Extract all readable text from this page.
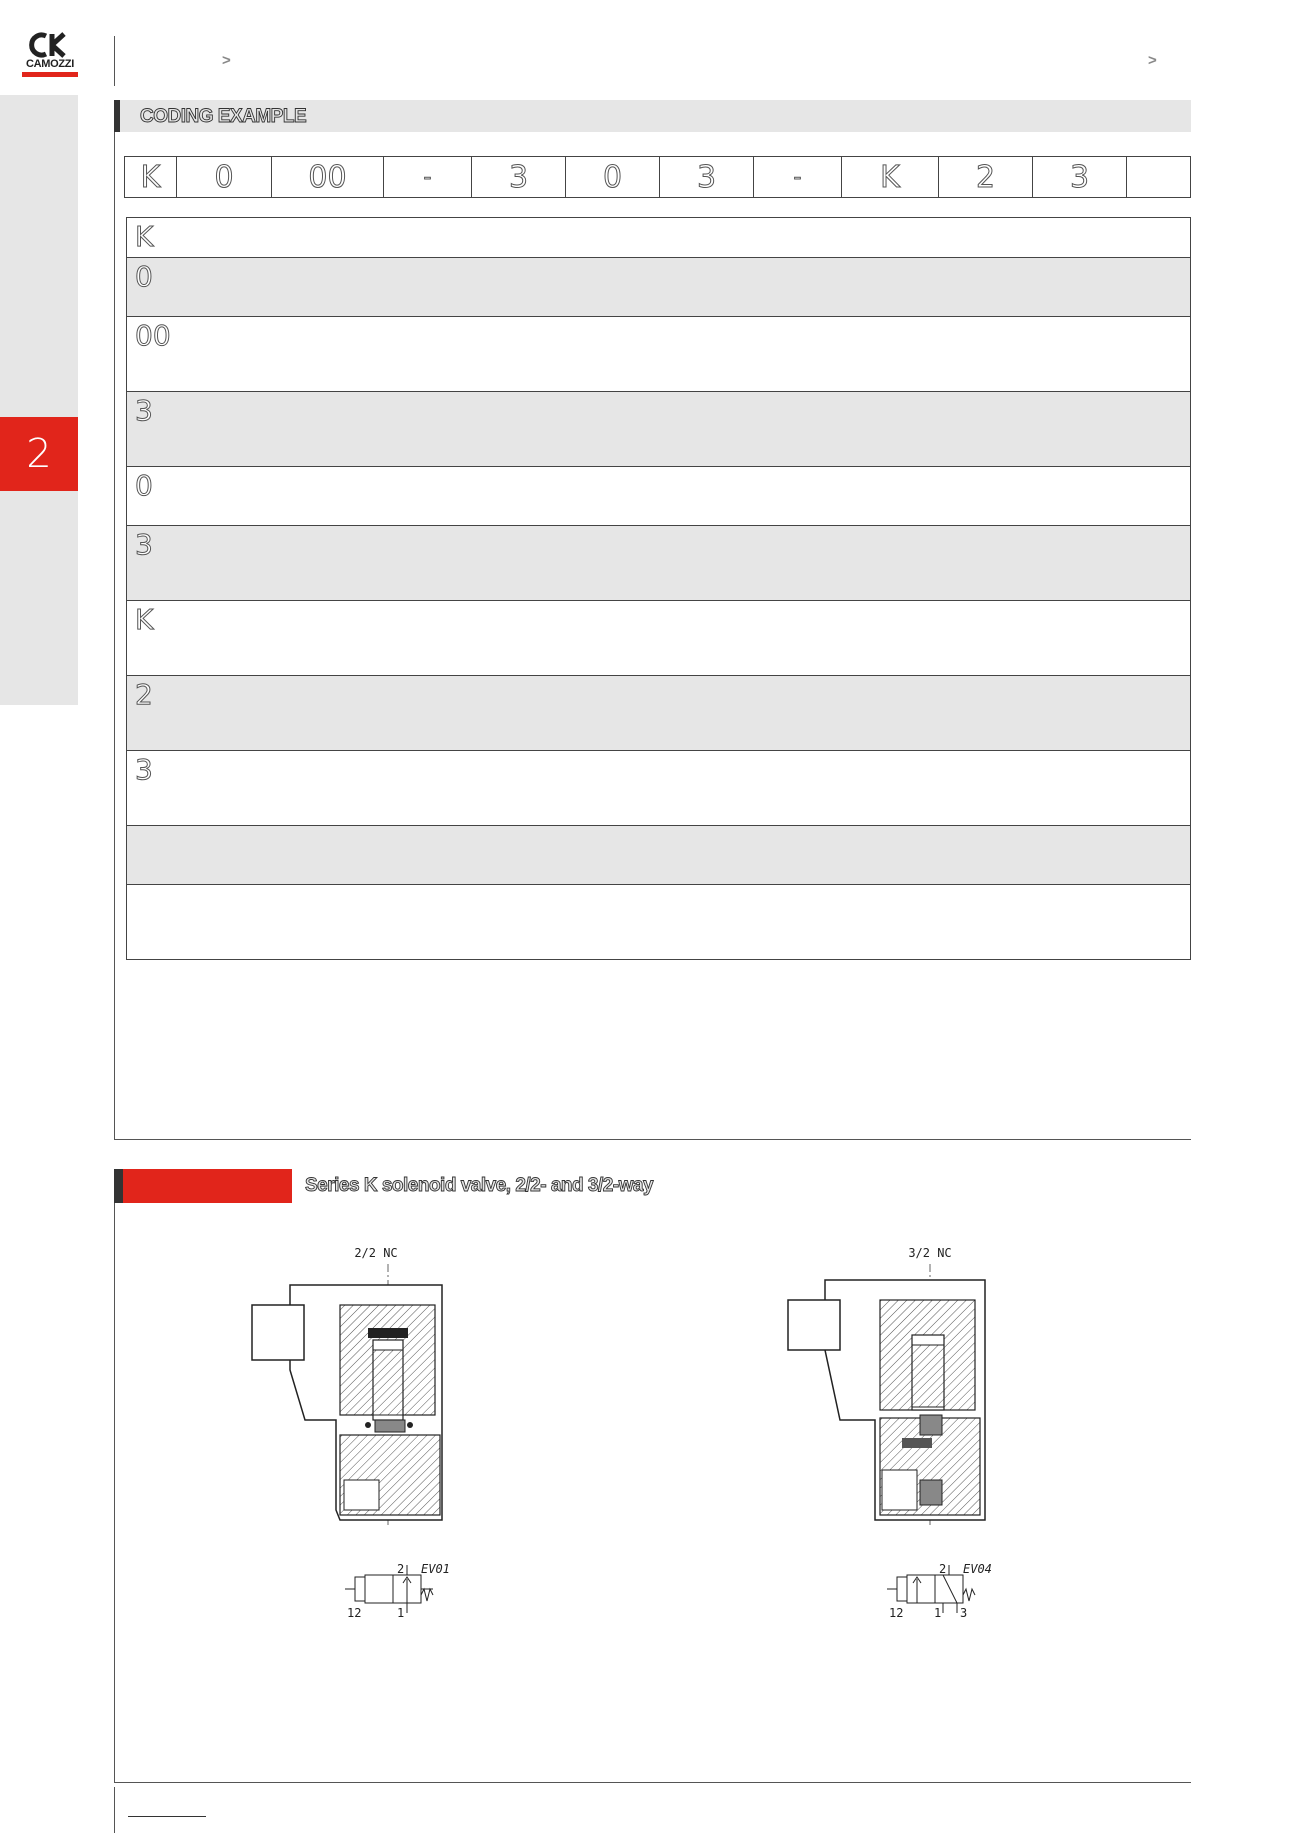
CAMOZZI
2
>	>
CODING EXAMPLE
K	0	00	-	3	0	3	-	K	2	3
K
0
00
3
0
3
K
2
3
Series K solenoid valve, 2/2- and 3/2-way
2/2 NC
2 EV01
12	1
3/2 NC
2 EV04
12	1 3
